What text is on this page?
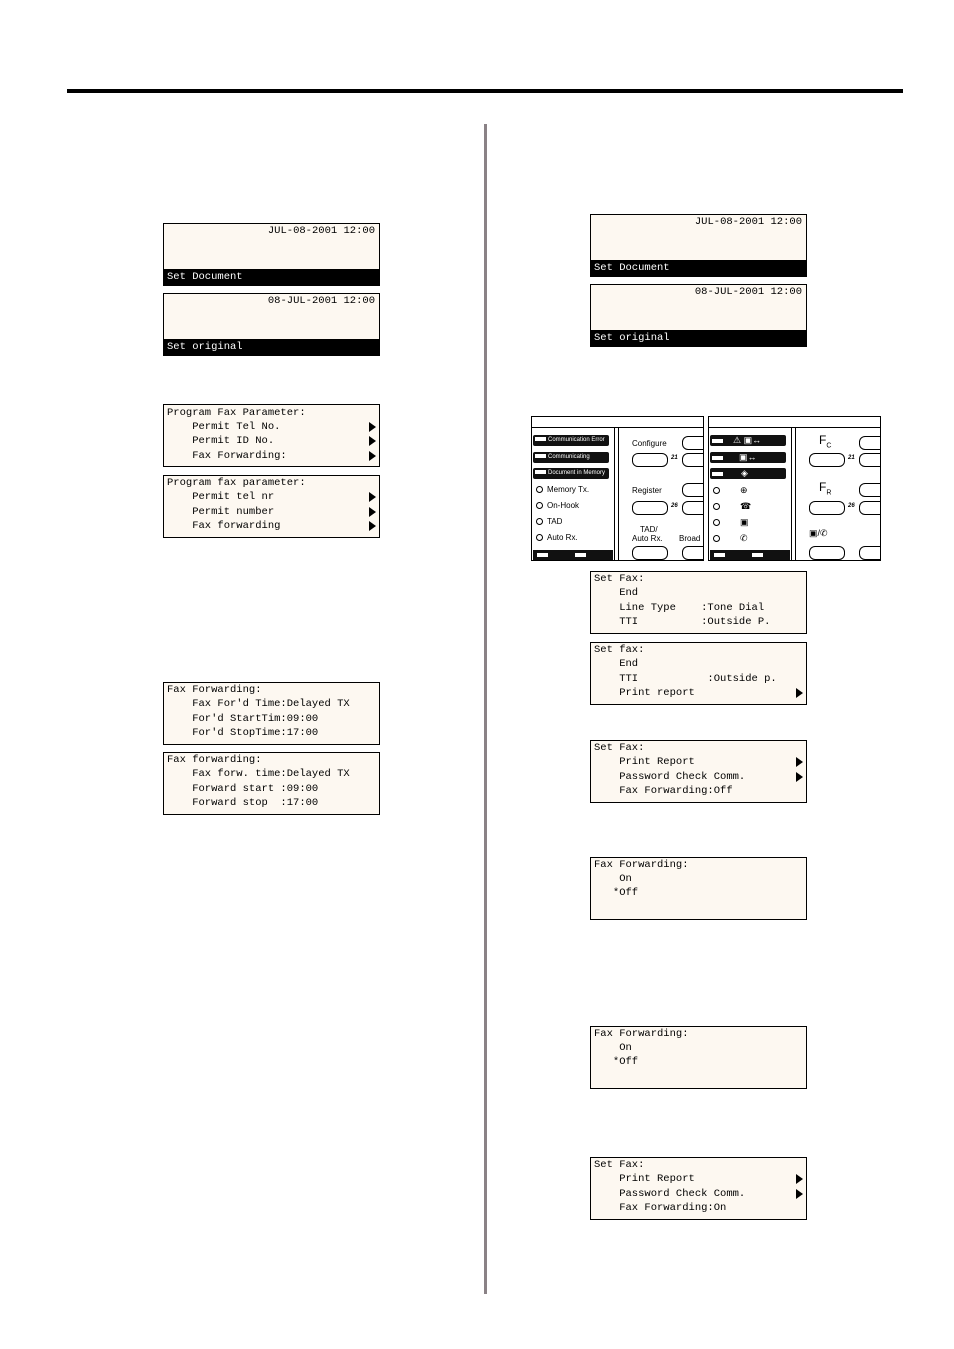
JUL-08-2001 12:00
Set Document
08-JUL-2001 12:00
Set original
Program Fax Parameter:
Permit Tel No.
Permit ID No.
Fax Forwarding:
Program fax parameter:
Permit tel nr
Permit number
Fax forwarding
Fax Forwarding:
Fax For'd Time:Delayed TX
For'd StartTim:09:00
For'd StopTime:17:00
Fax forwarding:
Fax forw. time:Delayed TX
Forward start :09:00
Forward stop  :17:00
JUL-08-2001 12:00
Set Document
08-JUL-2001 12:00
Set original
Communication Error
Communicating
Document in Memory
Memory Tx.
On-Hook
TAD
Auto Rx.
Configure
21
Register
26
TAD/
Auto Rx. Broad
⚠ ▣↔
▣↔
◈
⊕
☎
▣
✆
$F_C$
21
$F_R$
26
▣/✆
Set Fax:
End
Line Type    :Tone Dial
TTI          :Outside P.
Set fax:
End
TTI           :Outside p.
Print report
Set Fax:
Print Report
Password Check Comm.
Fax Forwarding:Off
Fax Forwarding:
On
*Off
Fax Forwarding:
On
*Off
Set Fax:
Print Report
Password Check Comm.
Fax Forwarding:On
